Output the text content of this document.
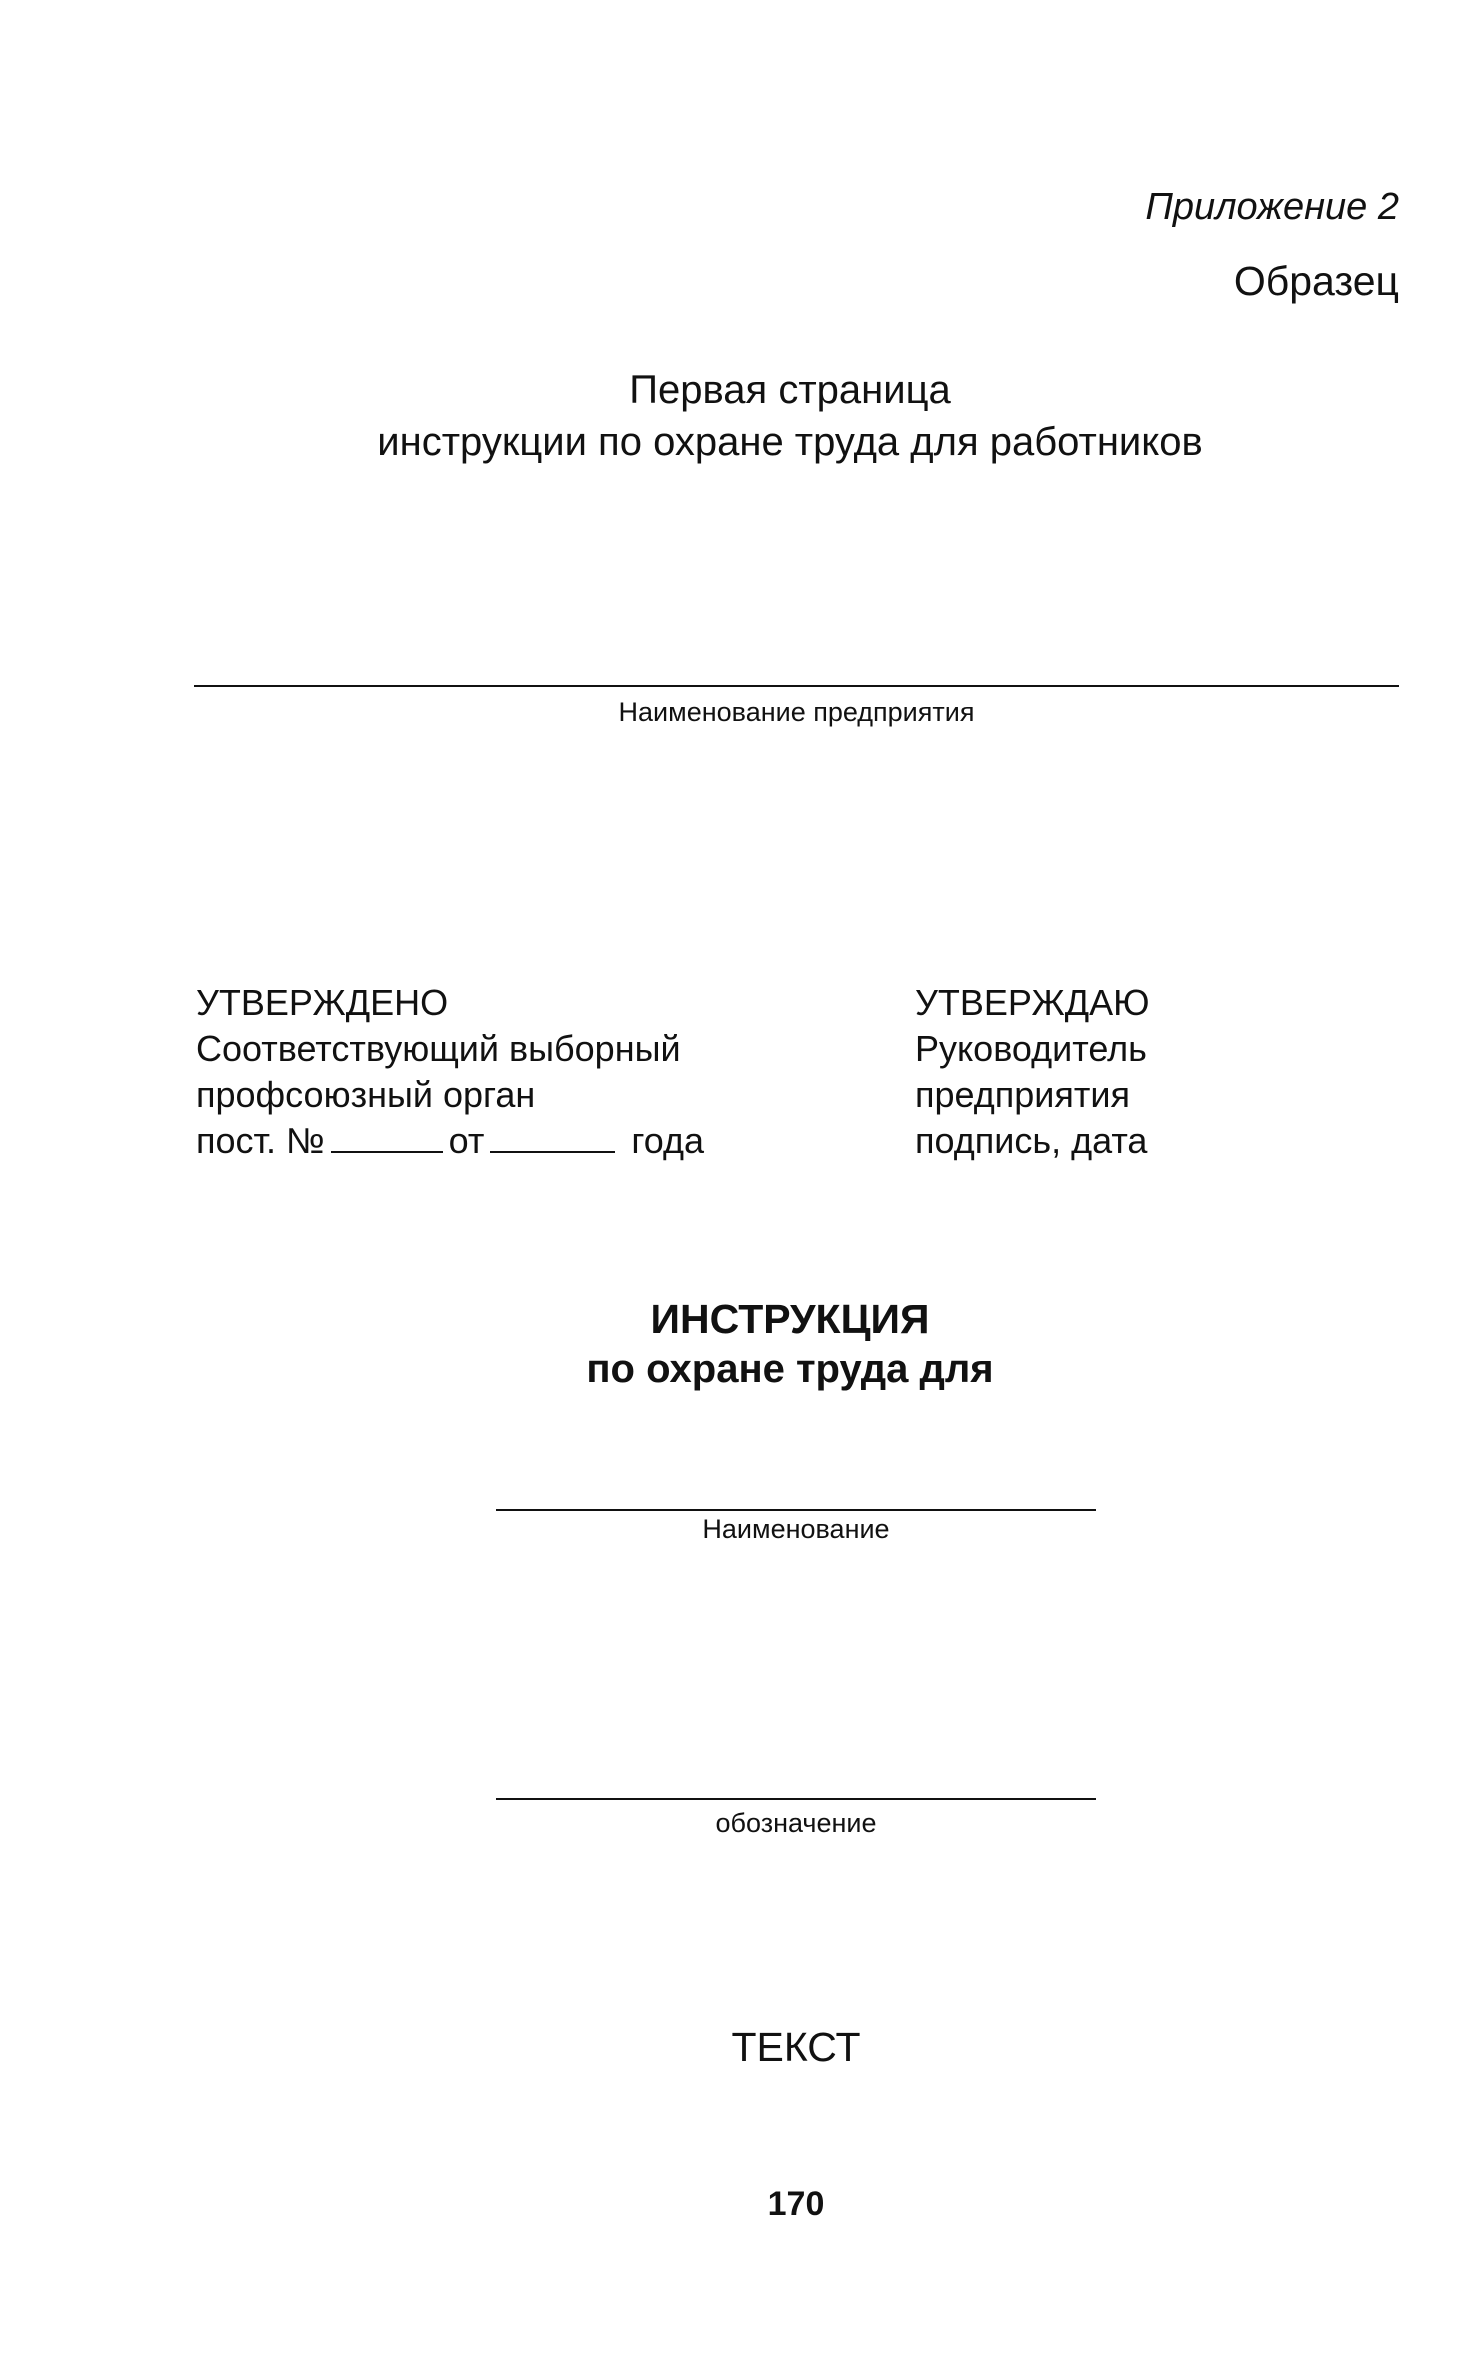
Приложение 2
Образец
Первая страница
инструкции по охране труда для работников
Наименование предприятия
УТВЕРЖДЕНО
Соответствующий выборный
профсоюзный орган
пост. №	от	года
УТВЕРЖДАЮ
Руководитель
предприятия
подпись, дата
ИНСТРУКЦИЯ
по охране труда для
Наименование
обозначение
ТЕКСТ
170
